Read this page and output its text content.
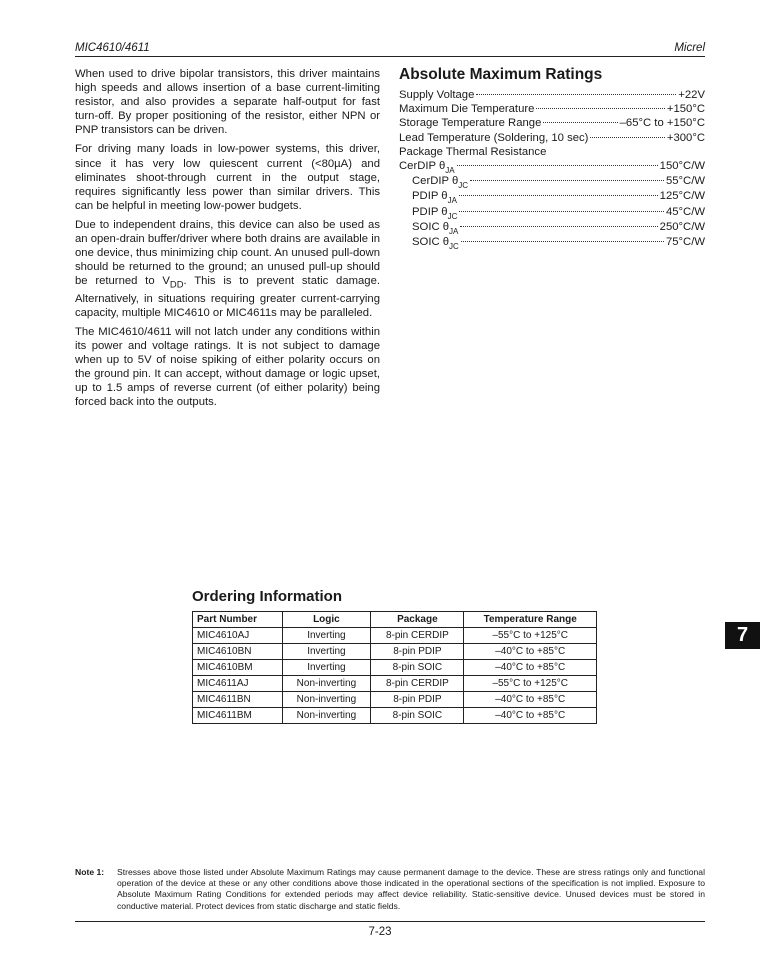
MIC4610/4611	Micrel

When used to drive bipolar transistors, this driver maintains high speeds and allows insertion of a base current-limiting resistor, and also provides a separate half-output for fast turn-off. By proper positioning of the resistor, either NPN or PNP transistors can be driven.

For driving many loads in low-power systems, this driver, since it has very low quiescent current (<80µA) and eliminates shoot-through current in the output stage, requires significantly less power than similar drivers. This can be helpful in meeting low-power budgets.

Due to independent drains, this device can also be used as an open-drain buffer/driver where both drains are available in one device, thus minimizing chip count. An unused pull-down should be returned to the ground; an unused pull-up should be returned to $V_{DD}$. This is to prevent static damage. Alternatively, in situations requiring greater current-carrying capacity, multiple MIC4610 or MIC4611s may be paralleled.

The MIC4610/4611 will not latch under any conditions within its power and voltage ratings. It is not subject to damage when up to 5V of noise spiking of either polarity occurs on the ground pin. It can accept, without damage or logic upset, up to 1.5 amps of reverse current (of either polarity) being forced back into the outputs.

Absolute Maximum Ratings
Supply Voltage	+22V
Maximum Die Temperature	+150°C
Storage Temperature Range	–65°C to +150°C
Lead Temperature (Soldering, 10 sec)	+300°C
Package Thermal Resistance
CerDIP θ JA	150°C/W
CerDIP θ JC	55°C/W
PDIP θ JA	125°C/W
PDIP θ JC	45°C/W
SOIC θ JA	250°C/W
SOIC θ JC	75°C/W
Ordering Information
Part Number	Logic	Package	Temperature Range
MIC4610AJ	Inverting	8-pin CERDIP	–55°C to +125°C
MIC4610BN	Inverting	8-pin PDIP	–40°C to +85°C
MIC4610BM	Inverting	8-pin SOIC	–40°C to +85°C
MIC4611AJ	Non-inverting	8-pin CERDIP	–55°C to +125°C
MIC4611BN	Non-inverting	8-pin PDIP	–40°C to +85°C
MIC4611BM	Non-inverting	8-pin SOIC	–40°C to +85°C
7
Note 1: Stresses above those listed under Absolute Maximum Ratings may cause permanent damage to the device. These are stress ratings only and functional operation of the device at these or any other conditions above those indicated in the operational sections of the specification is not implied. Exposure to Absolute Maximum Rating Conditions for extended periods may affect device reliability. Static-sensitive device. Unused devices must be stored in conductive material. Protect devices from static discharge and static fields.
7-23
